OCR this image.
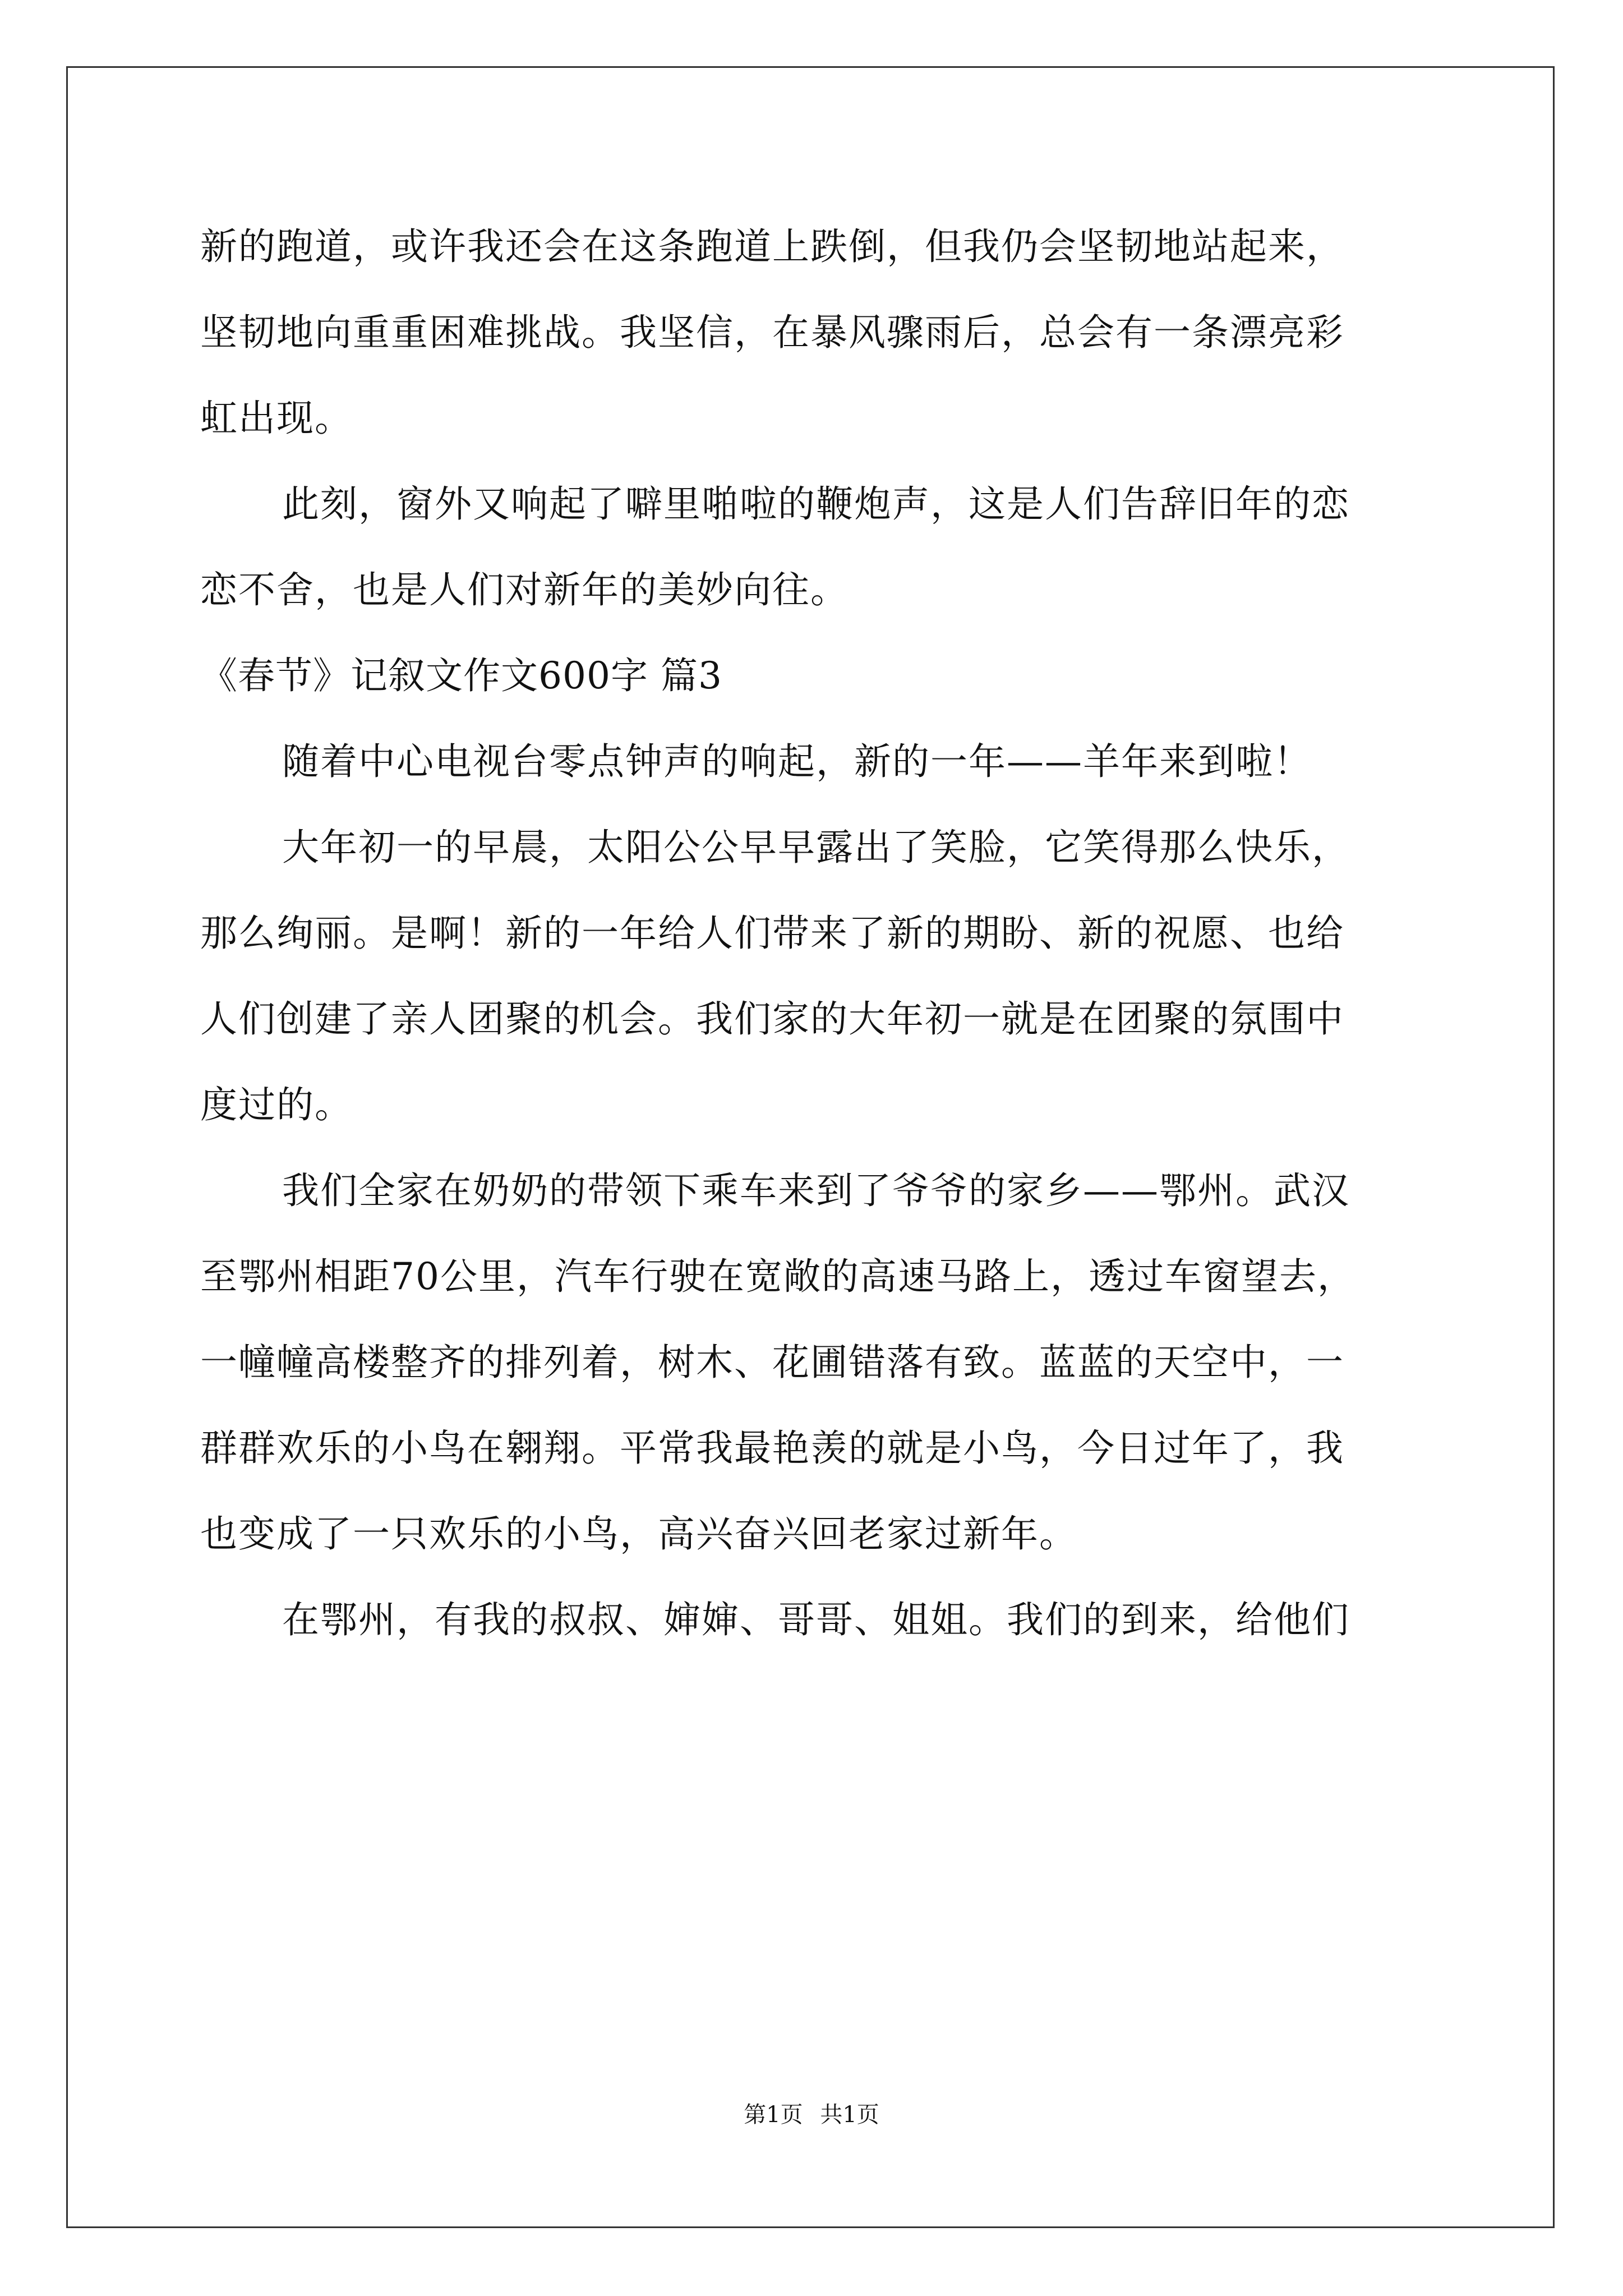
新的跑道，或许我还会在这条跑道上跌倒，但我仍会坚韧地站起来，
坚韧地向重重困难挑战。我坚信，在暴风骤雨后，总会有一条漂亮彩
虹出现。
此刻，窗外又响起了噼里啪啦的鞭炮声，这是人们告辞旧年的恋
恋不舍，也是人们对新年的美妙向往。
《春节》记叙文作文600字 篇3
随着中心电视台零点钟声的响起，新的一年——羊年来到啦！
大年初一的早晨，太阳公公早早露出了笑脸，它笑得那么快乐，
那么绚丽。是啊！新的一年给人们带来了新的期盼、新的祝愿、也给
人们创建了亲人团聚的机会。我们家的大年初一就是在团聚的氛围中
度过的。
我们全家在奶奶的带领下乘车来到了爷爷的家乡——鄂州。武汉
至鄂州相距70公里，汽车行驶在宽敞的高速马路上，透过车窗望去，
一幢幢高楼整齐的排列着，树木、花圃错落有致。蓝蓝的天空中，一
群群欢乐的小鸟在翱翔。平常我最艳羡的就是小鸟，今日过年了，我
也变成了一只欢乐的小鸟，高兴奋兴回老家过新年。
在鄂州，有我的叔叔、婶婶、哥哥、姐姐。我们的到来，给他们
第1页 共1页
